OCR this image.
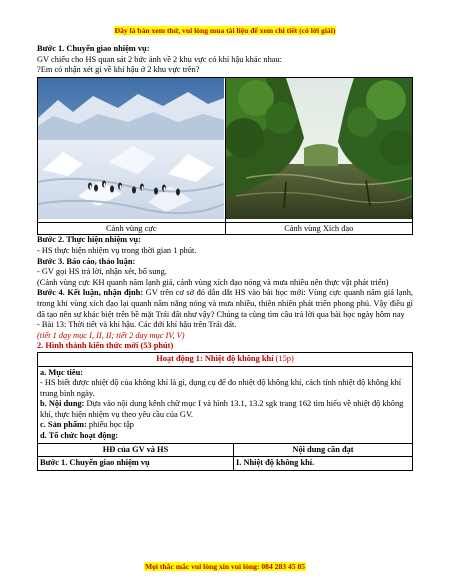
Đây là bản xem thử, vui lòng mua tài liệu để xem chi tiết (có lời giải)

Bước 1. Chuyển giao nhiệm vụ:

GV chiếu cho HS quan sát 2 bức ảnh về 2 khu vực có khí hậu khác nhau:

?Em có nhận xét gì về khí hậu ở 2 khu vực trên?

Cảnh vùng cực	Cảnh vùng Xích đạo

Bước 2. Thực hiện nhiệm vụ:

- HS thực hiện nhiệm vụ trong thời gian 1 phút.

Bước 3. Báo cáo, thảo luận:

- GV gọi HS trả lời, nhận xét, bổ sung.

(Cảnh vùng cực KH quanh năm lạnh giá, cảnh vùng xích đạo nóng và mưa nhiều nên thực vật phát triển)

Bước 4. Kết luận, nhận định: GV trên cơ sở đó dẫn dắt HS vào bài học mới: Vùng cực quanh năm giá lạnh, trong khi vùng xích đạo lại quanh năm nắng nóng và mưa nhiều, thiên nhiên phát triển phong phú. Vậy điều gì đã tạo nên sự khác biệt trên bề mặt Trái đất như vậy? Chúng ta cùng tìm câu trả lời qua bài học ngày hôm nay

- Bài 13: Thời tiết và khí hậu. Các đới khí hậu trên Trái đất.

(tiết 1 dạy mục I, II, II; tiết 2 dạy mục IV, V)

2. Hình thành kiến thức mới (53 phút)

Hoạt động 1: Nhiệt độ không khí (15p)	

a. Mục tiêu:

- HS biết được nhiệt độ của không khí là gì, dụng cụ để đo nhiệt độ không khí, cách tính nhiệt độ không khí trung bình ngày.

b. Nội dung: Dựa vào nội dung kênh chữ mục I và hình 13.1, 13.2 sgk trang 162 tìm hiểu về nhiệt độ không khí, thực hiện nhiệm vụ theo yêu cầu của GV.

c. Sản phẩm: phiếu học tập

d. Tổ chức hoạt động:	

HĐ của GV và HS	Nội dung cần đạt
Bước 1. Chuyển giao nhiệm vụ	I. Nhiệt độ không khí.
Mọi thắc mắc vui lòng xin vui lòng: 084 283 45 85
